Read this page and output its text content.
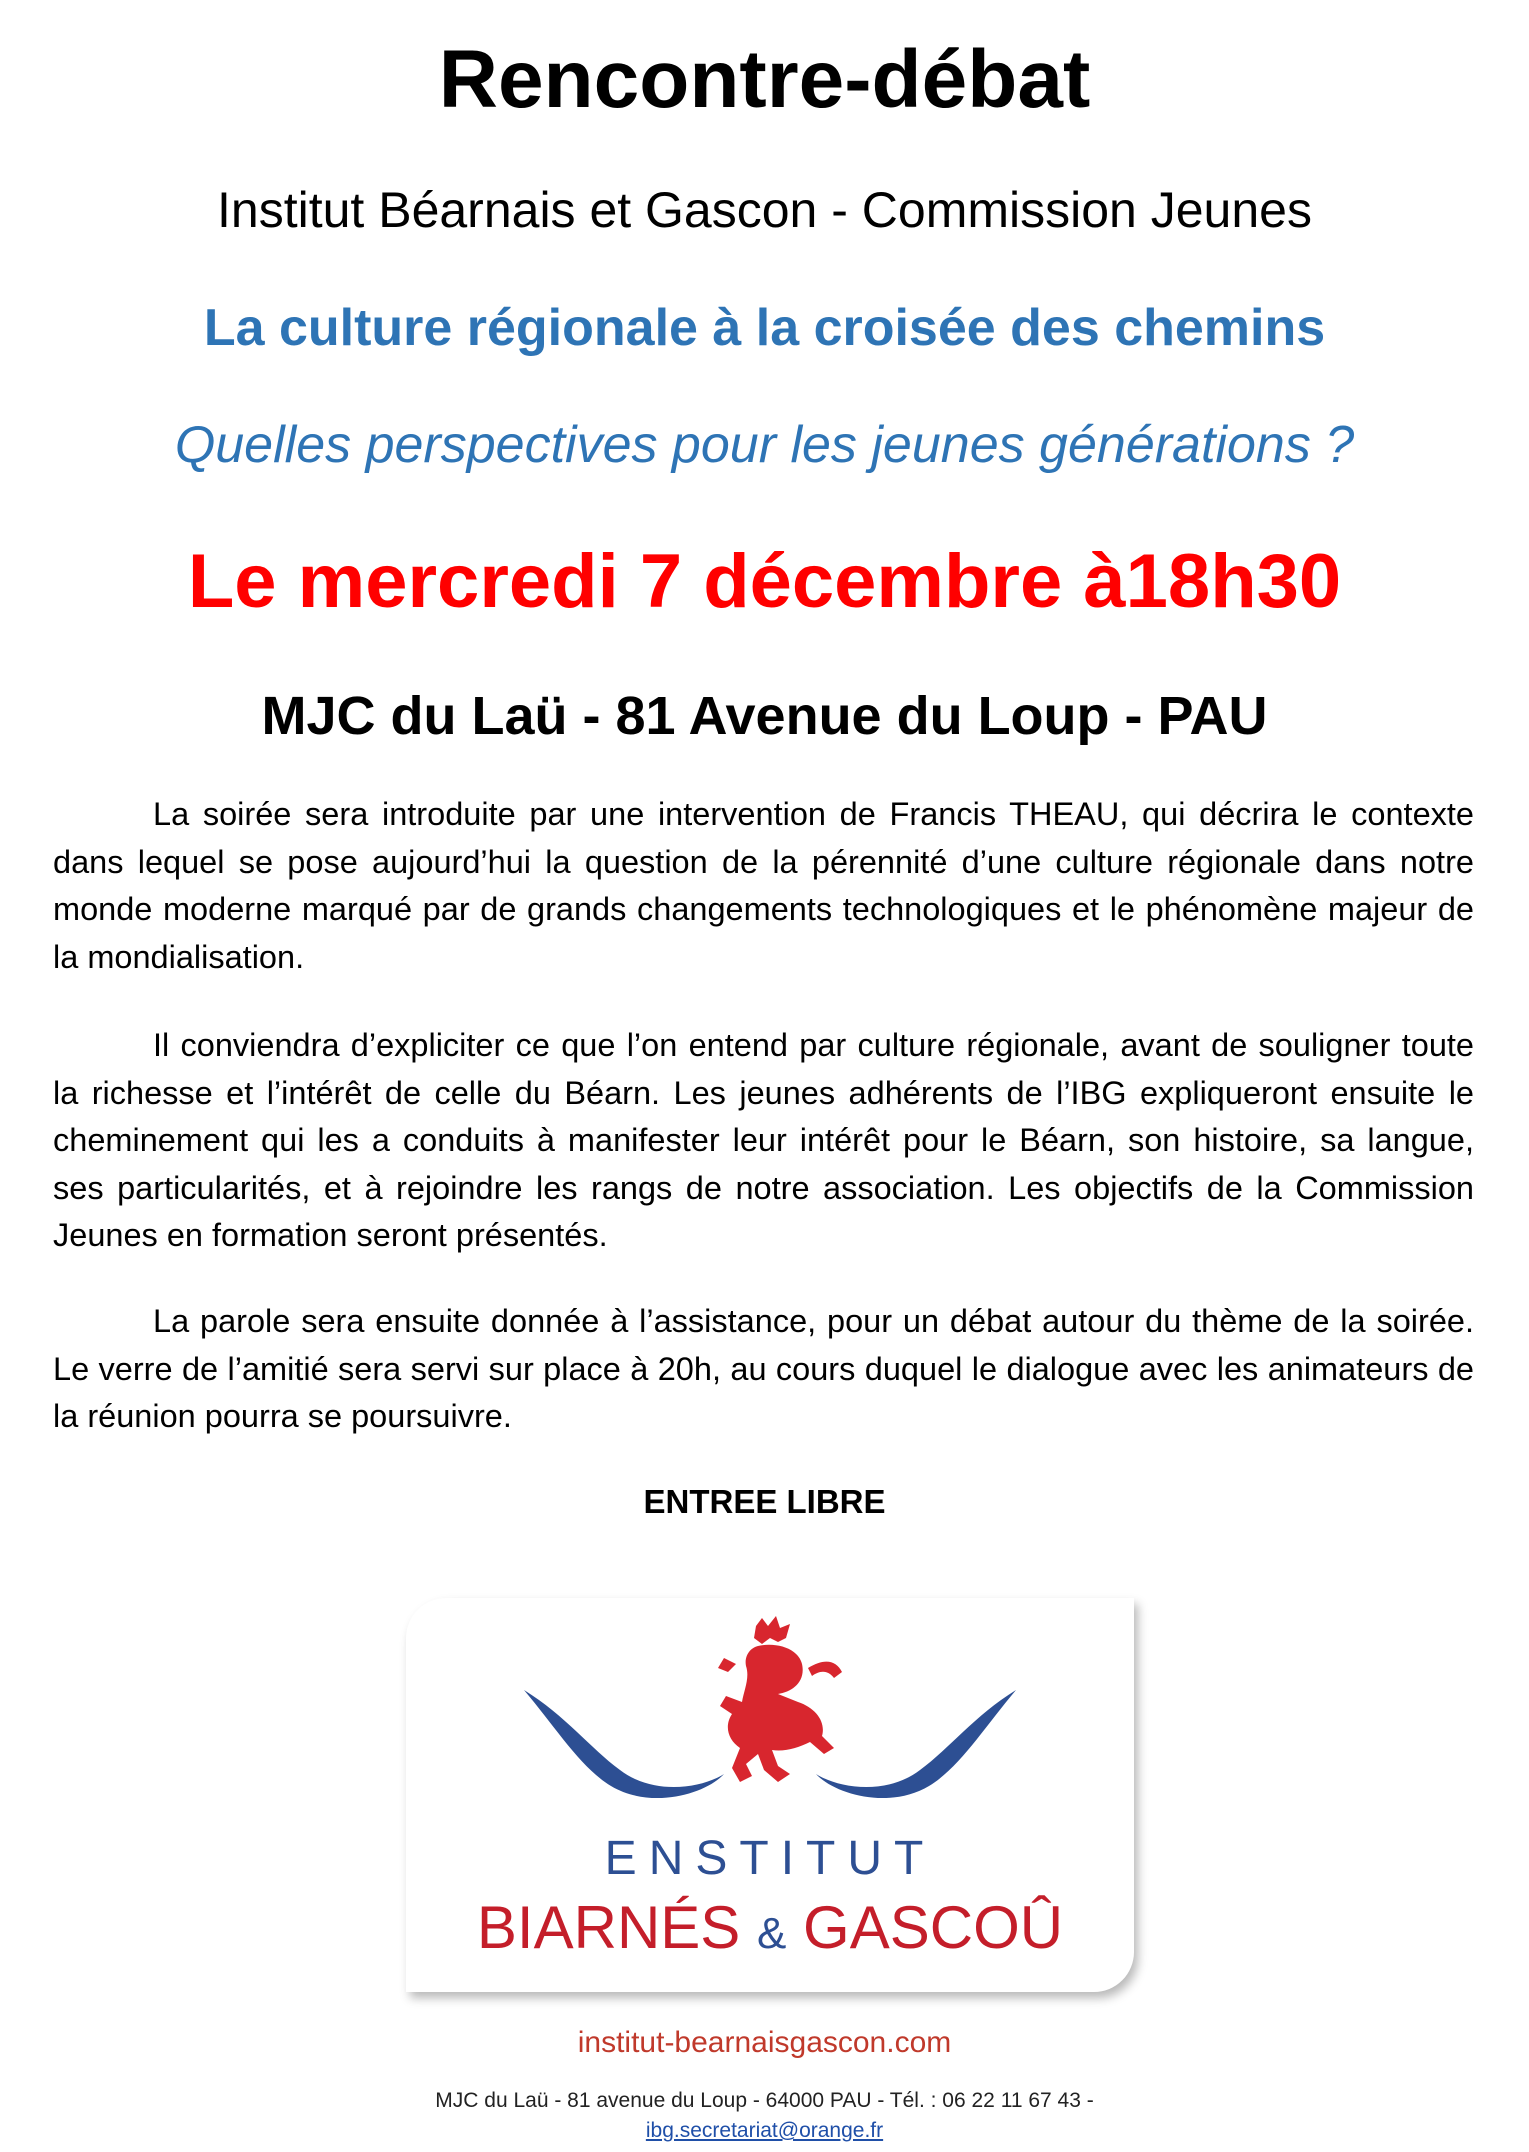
Rencontre-débat
Institut Béarnais et Gascon - Commission Jeunes
La culture régionale à la croisée des chemins
Quelles perspectives pour les jeunes générations ?
Le mercredi 7 décembre à18h30
MJC du Laü - 81 Avenue du Loup - PAU

La soirée sera introduite par une intervention de Francis THEAU, qui décrira le contexte dans lequel se pose aujourd’hui la question de la pérennité d’une culture régionale dans notre monde moderne marqué par de grands changements technologiques et le phénomène majeur de la mondialisation.

Il conviendra d’expliciter ce que l’on entend par culture régionale, avant de souligner toute la richesse et l’intérêt de celle du Béarn. Les jeunes adhérents de l’IBG expliqueront ensuite le cheminement qui les a conduits à manifester leur intérêt pour le Béarn, son histoire, sa langue, ses particularités, et à rejoindre les rangs de notre association. Les objectifs de la Commission Jeunes en formation seront présentés.

La parole sera ensuite donnée à l’assistance, pour un débat autour du thème de la soirée. Le verre de l’amitié sera servi sur place à 20h, au cours duquel le dialogue avec les animateurs de la réunion pourra se poursuivre.

ENTREE LIBRE
ENSTITUT
BIARNÉS & GASCOÛ
institut-bearnaisgascon.com
MJC du Laü - 81 avenue du Loup - 64000 PAU - Tél. : 06 22 11 67 43 -
ibg.secretariat@orange.fr
